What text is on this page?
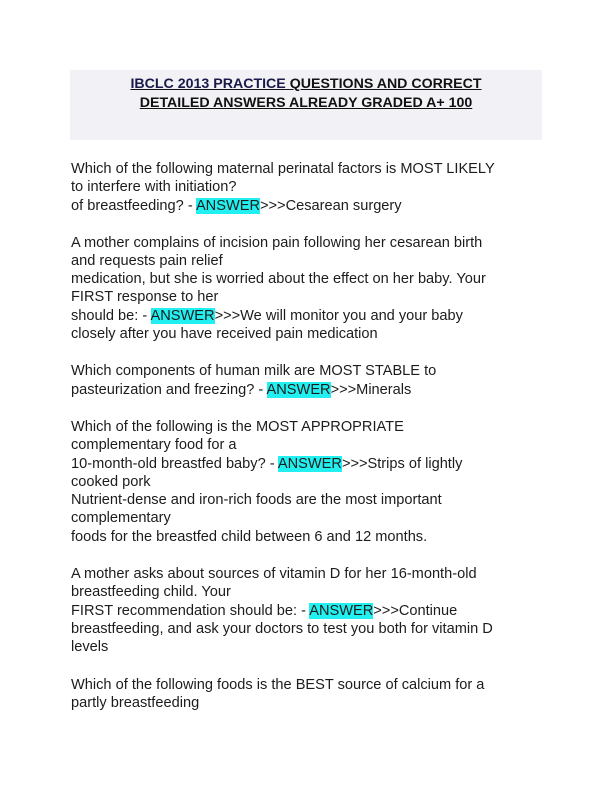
IBCLC 2013 PRACTICE QUESTIONS AND CORRECT
DETAILED ANSWERS ALREADY GRADED A+ 100
Which of the following maternal perinatal factors is MOST LIKELY
to interfere with initiation?
of breastfeeding? - ANSWER>>>Cesarean surgery
A mother complains of incision pain following her cesarean birth
and requests pain relief
medication, but she is worried about the effect on her baby. Your
FIRST response to her
should be: - ANSWER>>>We will monitor you and your baby
closely after you have received pain medication
Which components of human milk are MOST STABLE to
pasteurization and freezing? - ANSWER>>>Minerals
Which of the following is the MOST APPROPRIATE
complementary food for a
10-month-old breastfed baby? - ANSWER>>>Strips of lightly
cooked pork
Nutrient-dense and iron-rich foods are the most important
complementary
foods for the breastfed child between 6 and 12 months.
A mother asks about sources of vitamin D for her 16-month-old
breastfeeding child. Your
FIRST recommendation should be: - ANSWER>>>Continue
breastfeeding, and ask your doctors to test you both for vitamin D
levels
Which of the following foods is the BEST source of calcium for a
partly breastfeeding
